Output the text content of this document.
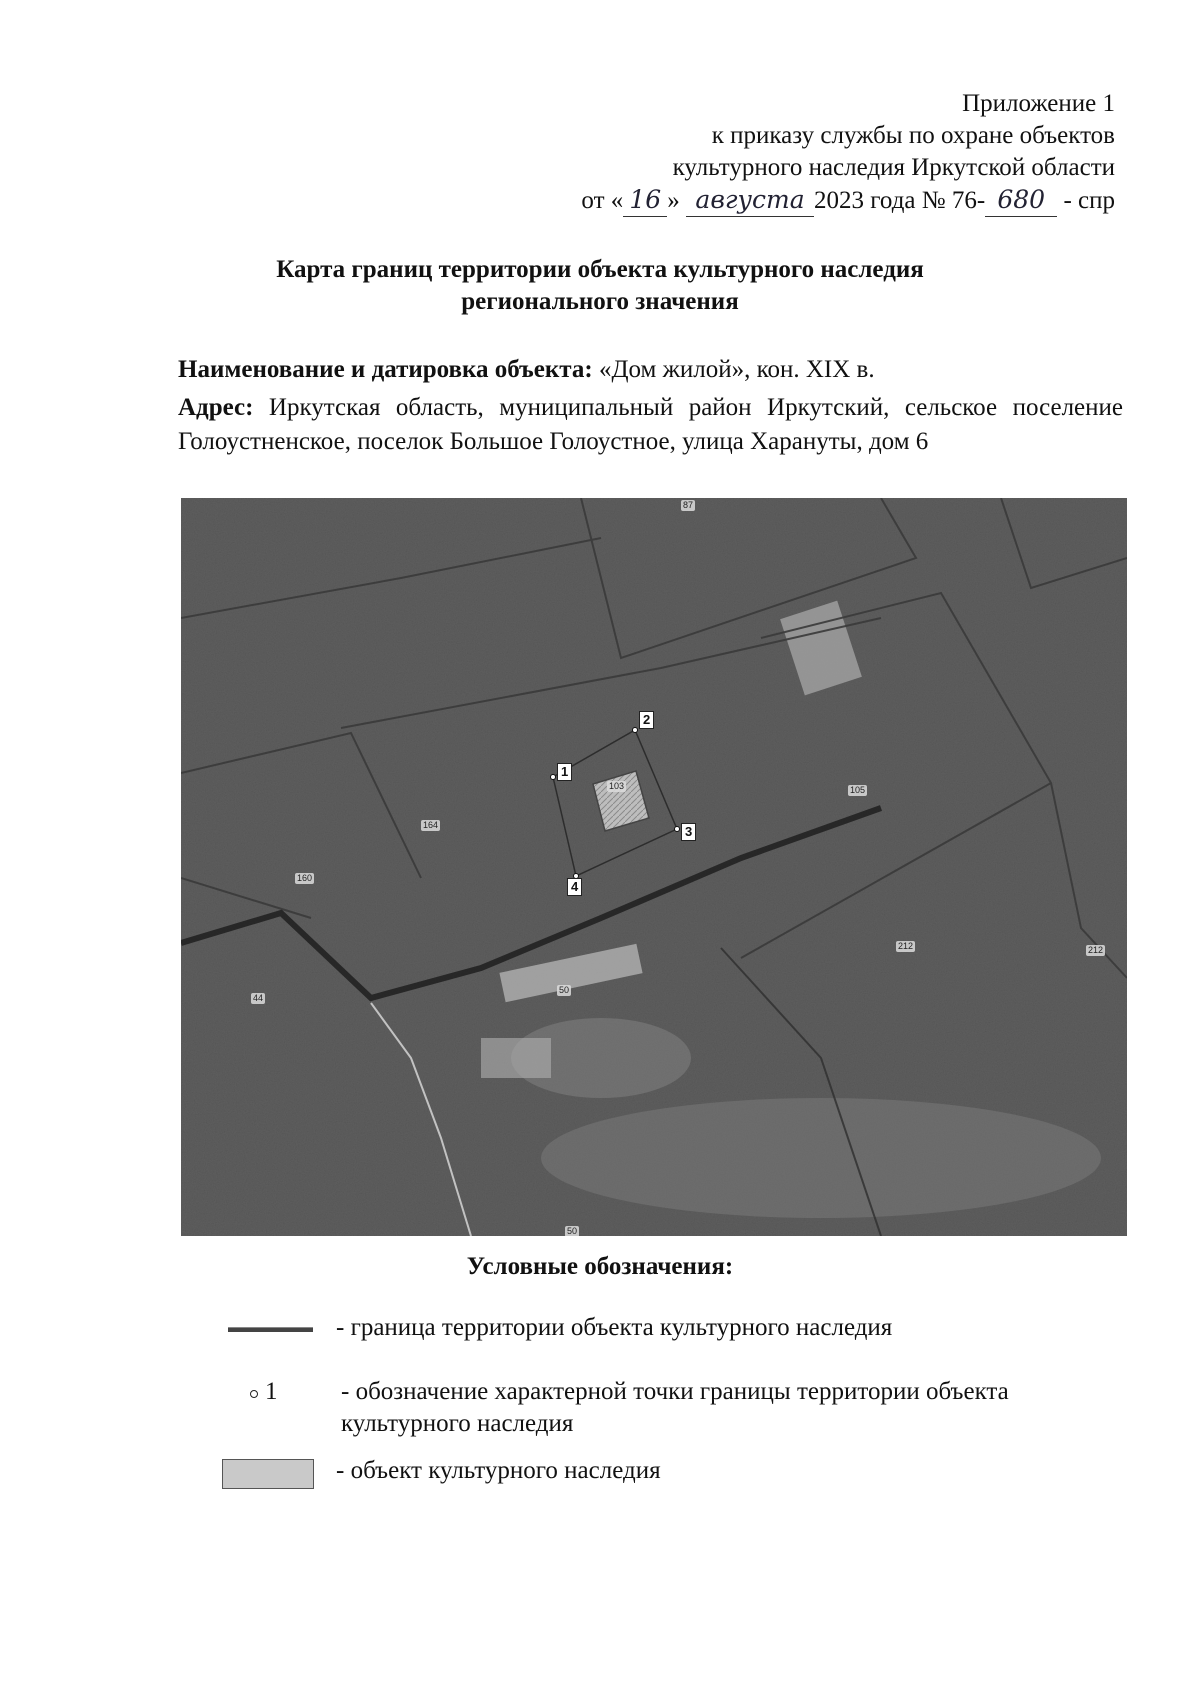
Приложение 1
к приказу службы по охране объектов
культурного наследия Иркутской области
от « 16 » августа 2023 года № 76- 680 - спр
Карта границ территории объекта культурного наследия
регионального значения
Наименование и датировка объекта: «Дом жилой», кон. XIX в.
Адрес: Иркутская область, муниципальный район Иркутский, сельское поселение Голоустненское, поселок Большое Голоустное, улица Харануты, дом 6
1
2
3
4
87
103	105
164
160
44
50
212	212
50
Условные обозначения:
- граница территории объекта культурного наследия
1	- обозначение характерной точки границы территории объекта культурного наследия
- объект культурного наследия
